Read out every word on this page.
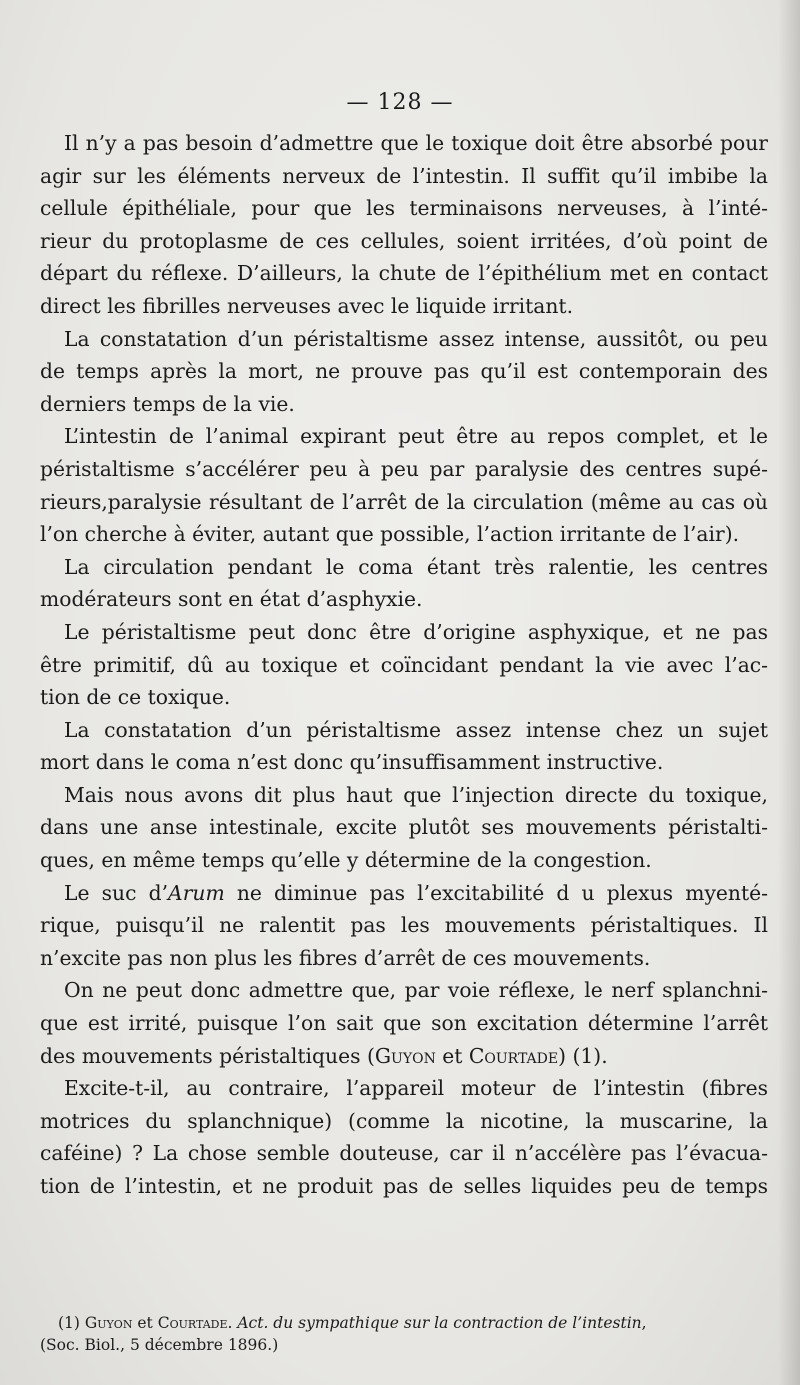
— 128 —
Il n’y a pas besoin d’admettre que le toxique doit être absorbé pour
agir sur les éléments nerveux de l’intestin. Il suffit qu’il imbibe la
cellule épithéliale, pour que les terminaisons nerveuses, à l’inté-
rieur du protoplasme de ces cellules, soient irritées, d’où point de
départ du réflexe. D’ailleurs, la chute de l’épithélium met en contact
direct les fibrilles nerveuses avec le liquide irritant.
La constatation d’un péristaltisme assez intense, aussitôt, ou peu
de temps après la mort, ne prouve pas qu’il est contemporain des
derniers temps de la vie.
L’intestin de l’animal expirant peut être au repos complet, et le
péristaltisme s’accélérer peu à peu par paralysie des centres supé-
rieurs,paralysie résultant de l’arrêt de la circulation (même au cas où
l’on cherche à éviter, autant que possible, l’action irritante de l’air).
La circulation pendant le coma étant très ralentie, les centres
modérateurs sont en état d’asphyxie.
Le péristaltisme peut donc être d’origine asphyxique, et ne pas
être primitif, dû au toxique et coïncidant pendant la vie avec l’ac-
tion de ce toxique.
La constatation d’un péristaltisme assez intense chez un sujet
mort dans le coma n’est donc qu’insuffisamment instructive.
Mais nous avons dit plus haut que l’injection directe du toxique,
dans une anse intestinale, excite plutôt ses mouvements péristalti-
ques, en même temps qu’elle y détermine de la congestion.
Le suc d’Arum ne diminue pas l’excitabilité d u plexus myenté-
rique, puisqu’il ne ralentit pas les mouvements péristaltiques. Il
n’excite pas non plus les fibres d’arrêt de ces mouvements.
On ne peut donc admettre que, par voie réflexe, le nerf splanchni-
que est irrité, puisque l’on sait que son excitation détermine l’arrêt
des mouvements péristaltiques (Guyon et Courtade) (1).
Excite-t-il, au contraire, l’appareil moteur de l’intestin (fibres
motrices du splanchnique) (comme la nicotine, la muscarine, la
caféine) ? La chose semble douteuse, car il n’accélère pas l’évacua-
tion de l’intestin, et ne produit pas de selles liquides peu de temps
(1) Guyon et Courtade. Act. du sympathique sur la contraction de l’intestin,
(Soc. Biol., 5 décembre 1896.)
